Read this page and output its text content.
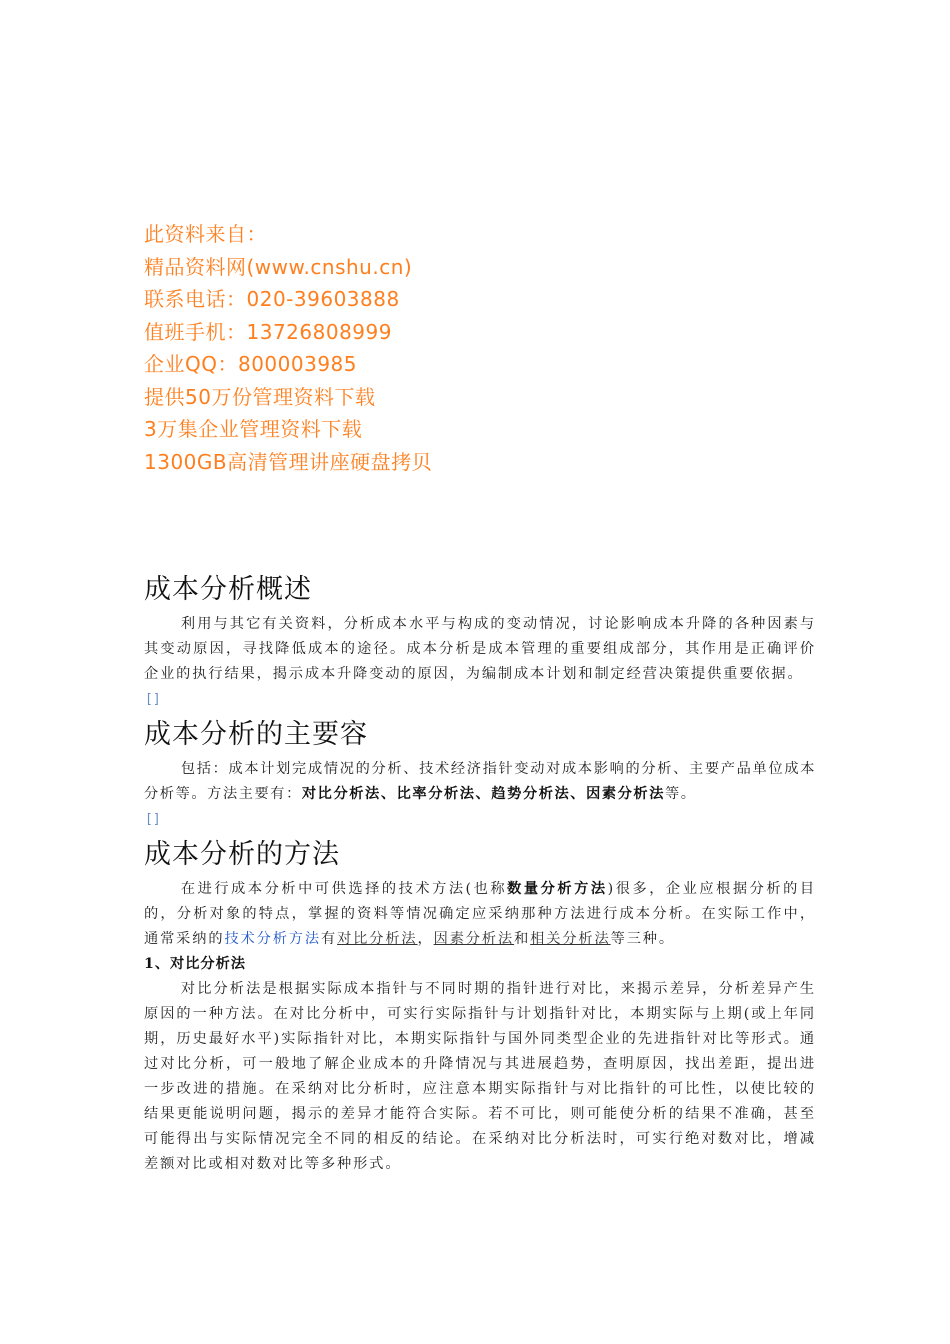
此资料来自：
精品资料网(www.cnshu.cn)
联系电话：020-39603888
值班手机：13726808999
企业QQ：800003985
提供50万份管理资料下载
3万集企业管理资料下载
1300GB高清管理讲座硬盘拷贝
成本分析概述

利用与其它有关资料，分析成本水平与构成的变动情况，讨论影响成本升降的各种因素与其变动原因，寻找降低成本的途径。成本分析是成本管理的重要组成部分，其作用是正确评价企业的执行结果，揭示成本升降变动的原因，为编制成本计划和制定经营决策提供重要依据。

[]
成本分析的主要容

包括：成本计划完成情况的分析、技术经济指针变动对成本影响的分析、主要产品单位成本分析等。方法主要有：对比分析法、比率分析法、趋势分析法、因素分析法等。

[]
成本分析的方法

在进行成本分析中可供选择的技术方法(也称数量分析方法)很多，企业应根据分析的目的，分析对象的特点，掌握的资料等情况确定应采纳那种方法进行成本分析。在实际工作中，通常采纳的技术分析方法有对比分析法，因素分析法和相关分析法等三种。

1、对比分析法

对比分析法是根据实际成本指针与不同时期的指针进行对比，来揭示差异，分析差异产生原因的一种方法。在对比分析中，可实行实际指针与计划指针对比，本期实际与上期(或上年同期，历史最好水平)实际指针对比，本期实际指针与国外同类型企业的先进指针对比等形式。通过对比分析，可一般地了解企业成本的升降情况与其进展趋势，查明原因，找出差距，提出进一步改进的措施。在采纳对比分析时，应注意本期实际指针与对比指针的可比性，以使比较的结果更能说明问题，揭示的差异才能符合实际。若不可比，则可能使分析的结果不准确，甚至可能得出与实际情况完全不同的相反的结论。在采纳对比分析法时，可实行绝对数对比，增减差额对比或相对数对比等多种形式。
